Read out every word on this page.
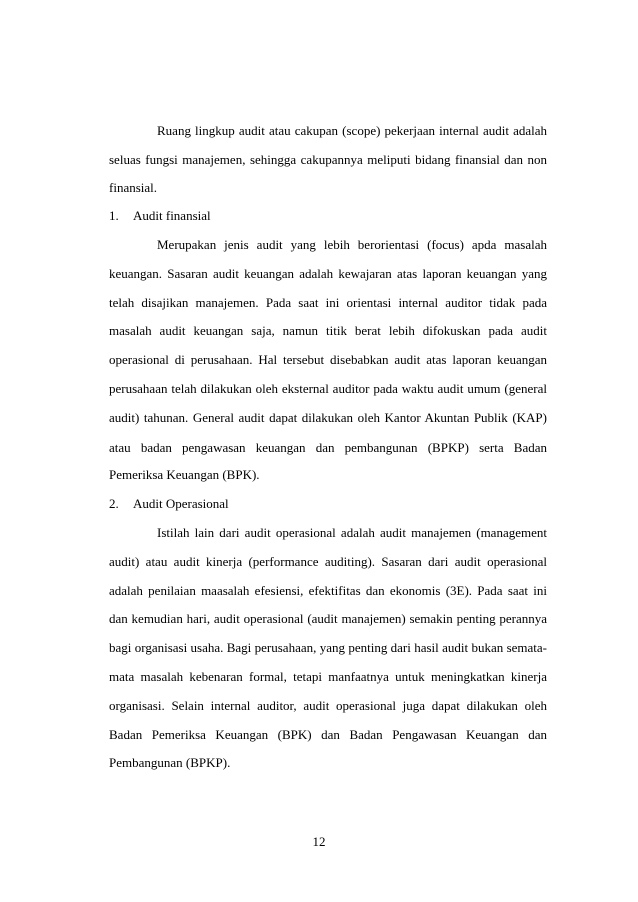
Ruang lingkup audit atau cakupan (scope) pekerjaan internal audit adalah
seluas fungsi manajemen, sehingga cakupannya meliputi bidang finansial dan non
finansial.
1. Audit finansial
Merupakan jenis audit yang lebih berorientasi (focus) apda masalah
keuangan. Sasaran audit keuangan adalah kewajaran atas laporan keuangan yang
telah disajikan manajemen. Pada saat ini orientasi internal auditor tidak pada
masalah audit keuangan saja, namun titik berat lebih difokuskan pada audit
operasional di perusahaan. Hal tersebut disebabkan audit atas laporan keuangan
perusahaan telah dilakukan oleh eksternal auditor pada waktu audit umum (general
audit) tahunan. General audit dapat dilakukan oleh Kantor Akuntan Publik (KAP)
atau badan pengawasan keuangan dan pembangunan (BPKP) serta Badan
Pemeriksa Keuangan (BPK).
2. Audit Operasional
Istilah lain dari audit operasional adalah audit manajemen (management
audit) atau audit kinerja (performance auditing). Sasaran dari audit operasional
adalah penilaian maasalah efesiensi, efektifitas dan ekonomis (3E). Pada saat ini
dan kemudian hari, audit operasional (audit manajemen) semakin penting perannya
bagi organisasi usaha. Bagi perusahaan, yang penting dari hasil audit bukan semata-
mata masalah kebenaran formal, tetapi manfaatnya untuk meningkatkan kinerja
organisasi. Selain internal auditor, audit operasional juga dapat dilakukan oleh
Badan Pemeriksa Keuangan (BPK) dan Badan Pengawasan Keuangan dan
Pembangunan (BPKP).
12
